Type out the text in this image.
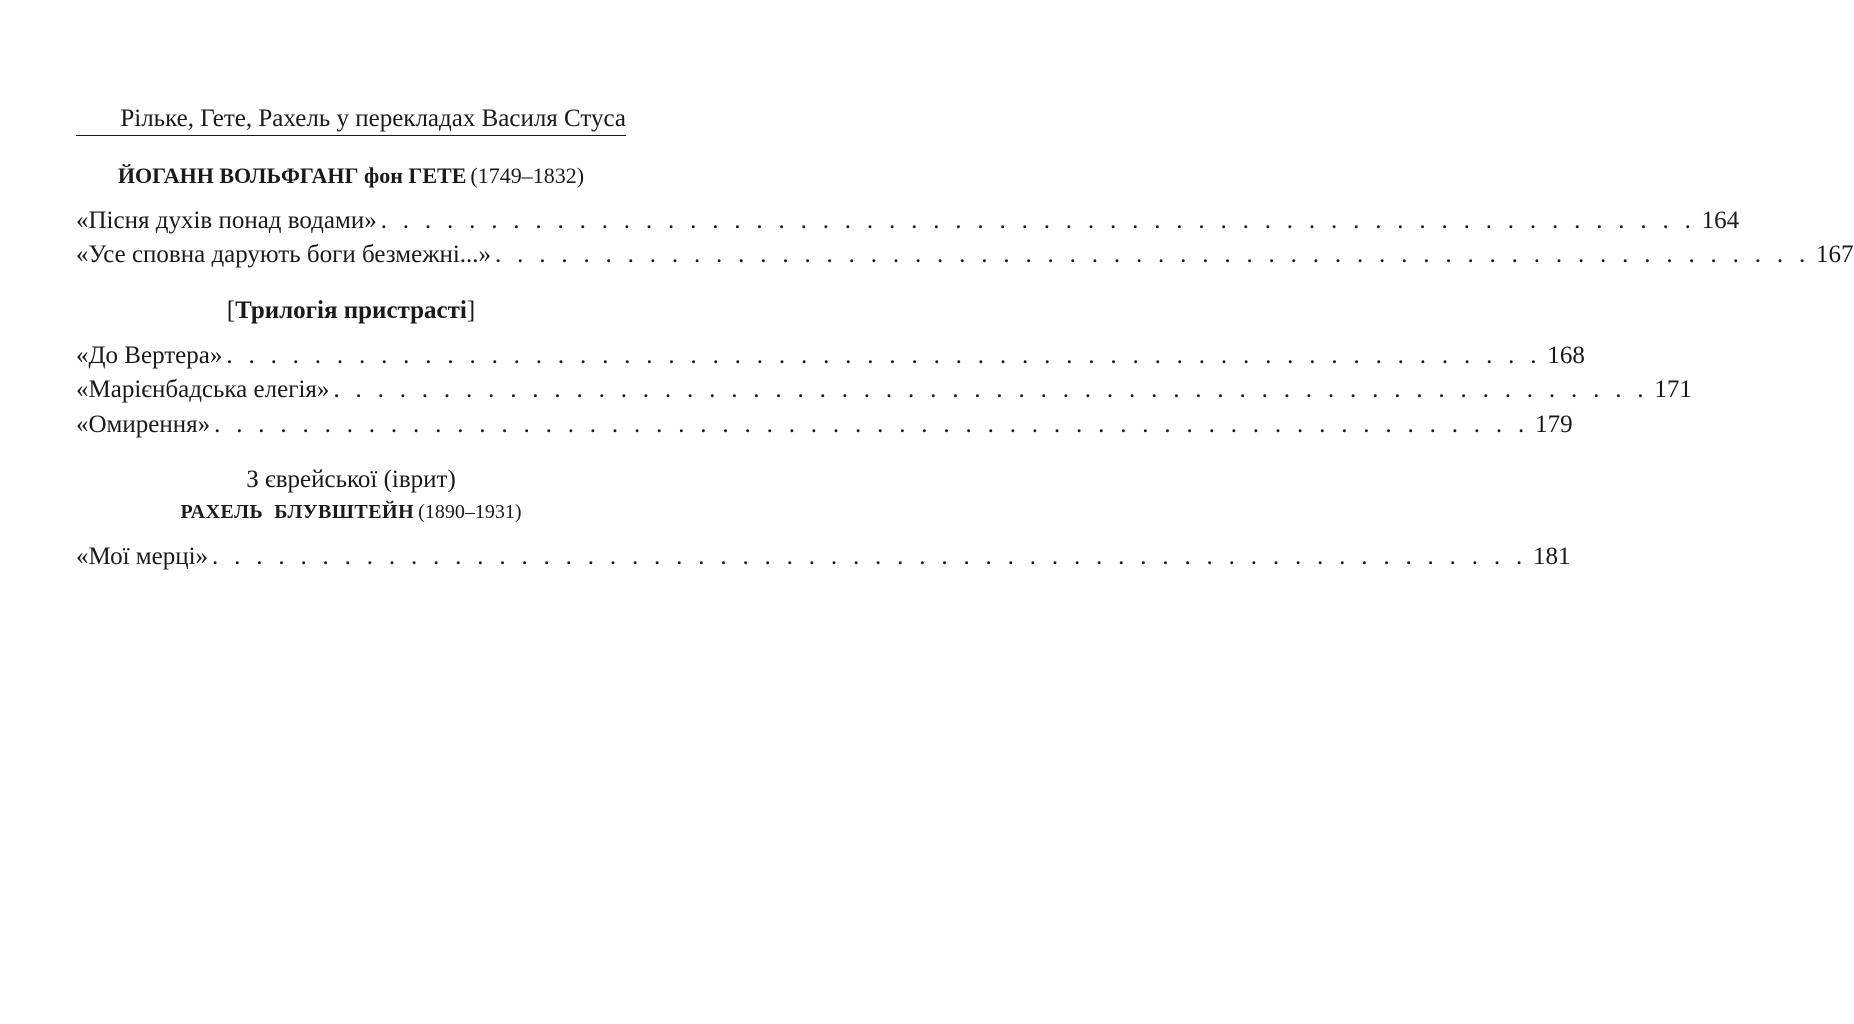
Рільке, Гете, Рахель у перекладах Василя Стуса
ЙОГАНН ВОЛЬФГАНГ фон ГЕТЕ (1749–1832)
«Пісня духів понад водами» . . . . . . . . . . . . . . . . . . . . . . . . . . . . . . . . . . . . . . . . . . . . . . . . . . . . . . . . . . . . 164
«Усе сповна дарують боги безмежні...» . . . . . . . . . . . . . . . . . . . . . . . . . . . . . . . . . . . . . . . . . . . . . . . . . . . . . . . . . . . . 167
[Трилогія пристрасті]
«До Вертера» . . . . . . . . . . . . . . . . . . . . . . . . . . . . . . . . . . . . . . . . . . . . . . . . . . . . . . . . . . . . 168
«Марієнбадська елегія» . . . . . . . . . . . . . . . . . . . . . . . . . . . . . . . . . . . . . . . . . . . . . . . . . . . . . . . . . . . . 171
«Омирення» . . . . . . . . . . . . . . . . . . . . . . . . . . . . . . . . . . . . . . . . . . . . . . . . . . . . . . . . . . . . 179
З єврейської (іврит)
РАХЕЛЬ  БЛУВШТЕЙН (1890–1931)
«Мої мерці» . . . . . . . . . . . . . . . . . . . . . . . . . . . . . . . . . . . . . . . . . . . . . . . . . . . . . . . . . . . . 181
